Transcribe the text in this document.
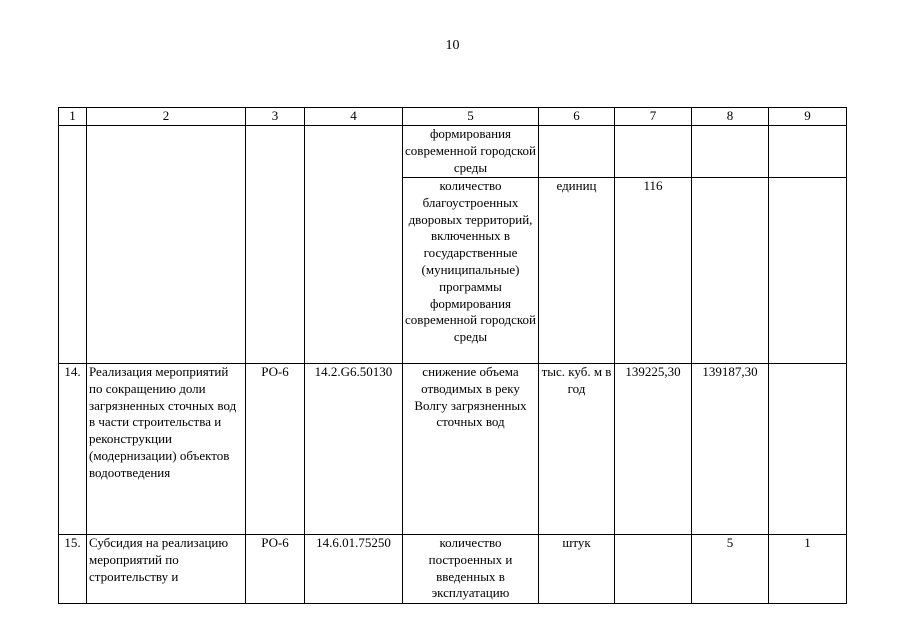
10
1	2	3	4	5	6	7	8	9
				формирования современной городской среды				
				количество благоустроенных дворовых территорий, включенных в государственные (муниципальные) программы формирования современной городской среды	единиц	116		
14.	Реализация мероприятий по сокращению доли загрязненных сточных вод в части строительства и реконструкции (модернизации) объектов водоотведения	РО-6	14.2.G6.50130	снижение объема отводимых в реку Волгу загрязненных сточных вод	тыс. куб. м в год	139225,30	139187,30	
15.	Субсидия на реализацию мероприятий по строительству и	РО-6	14.6.01.75250	количество построенных и введенных в эксплуатацию	штук		5	1
